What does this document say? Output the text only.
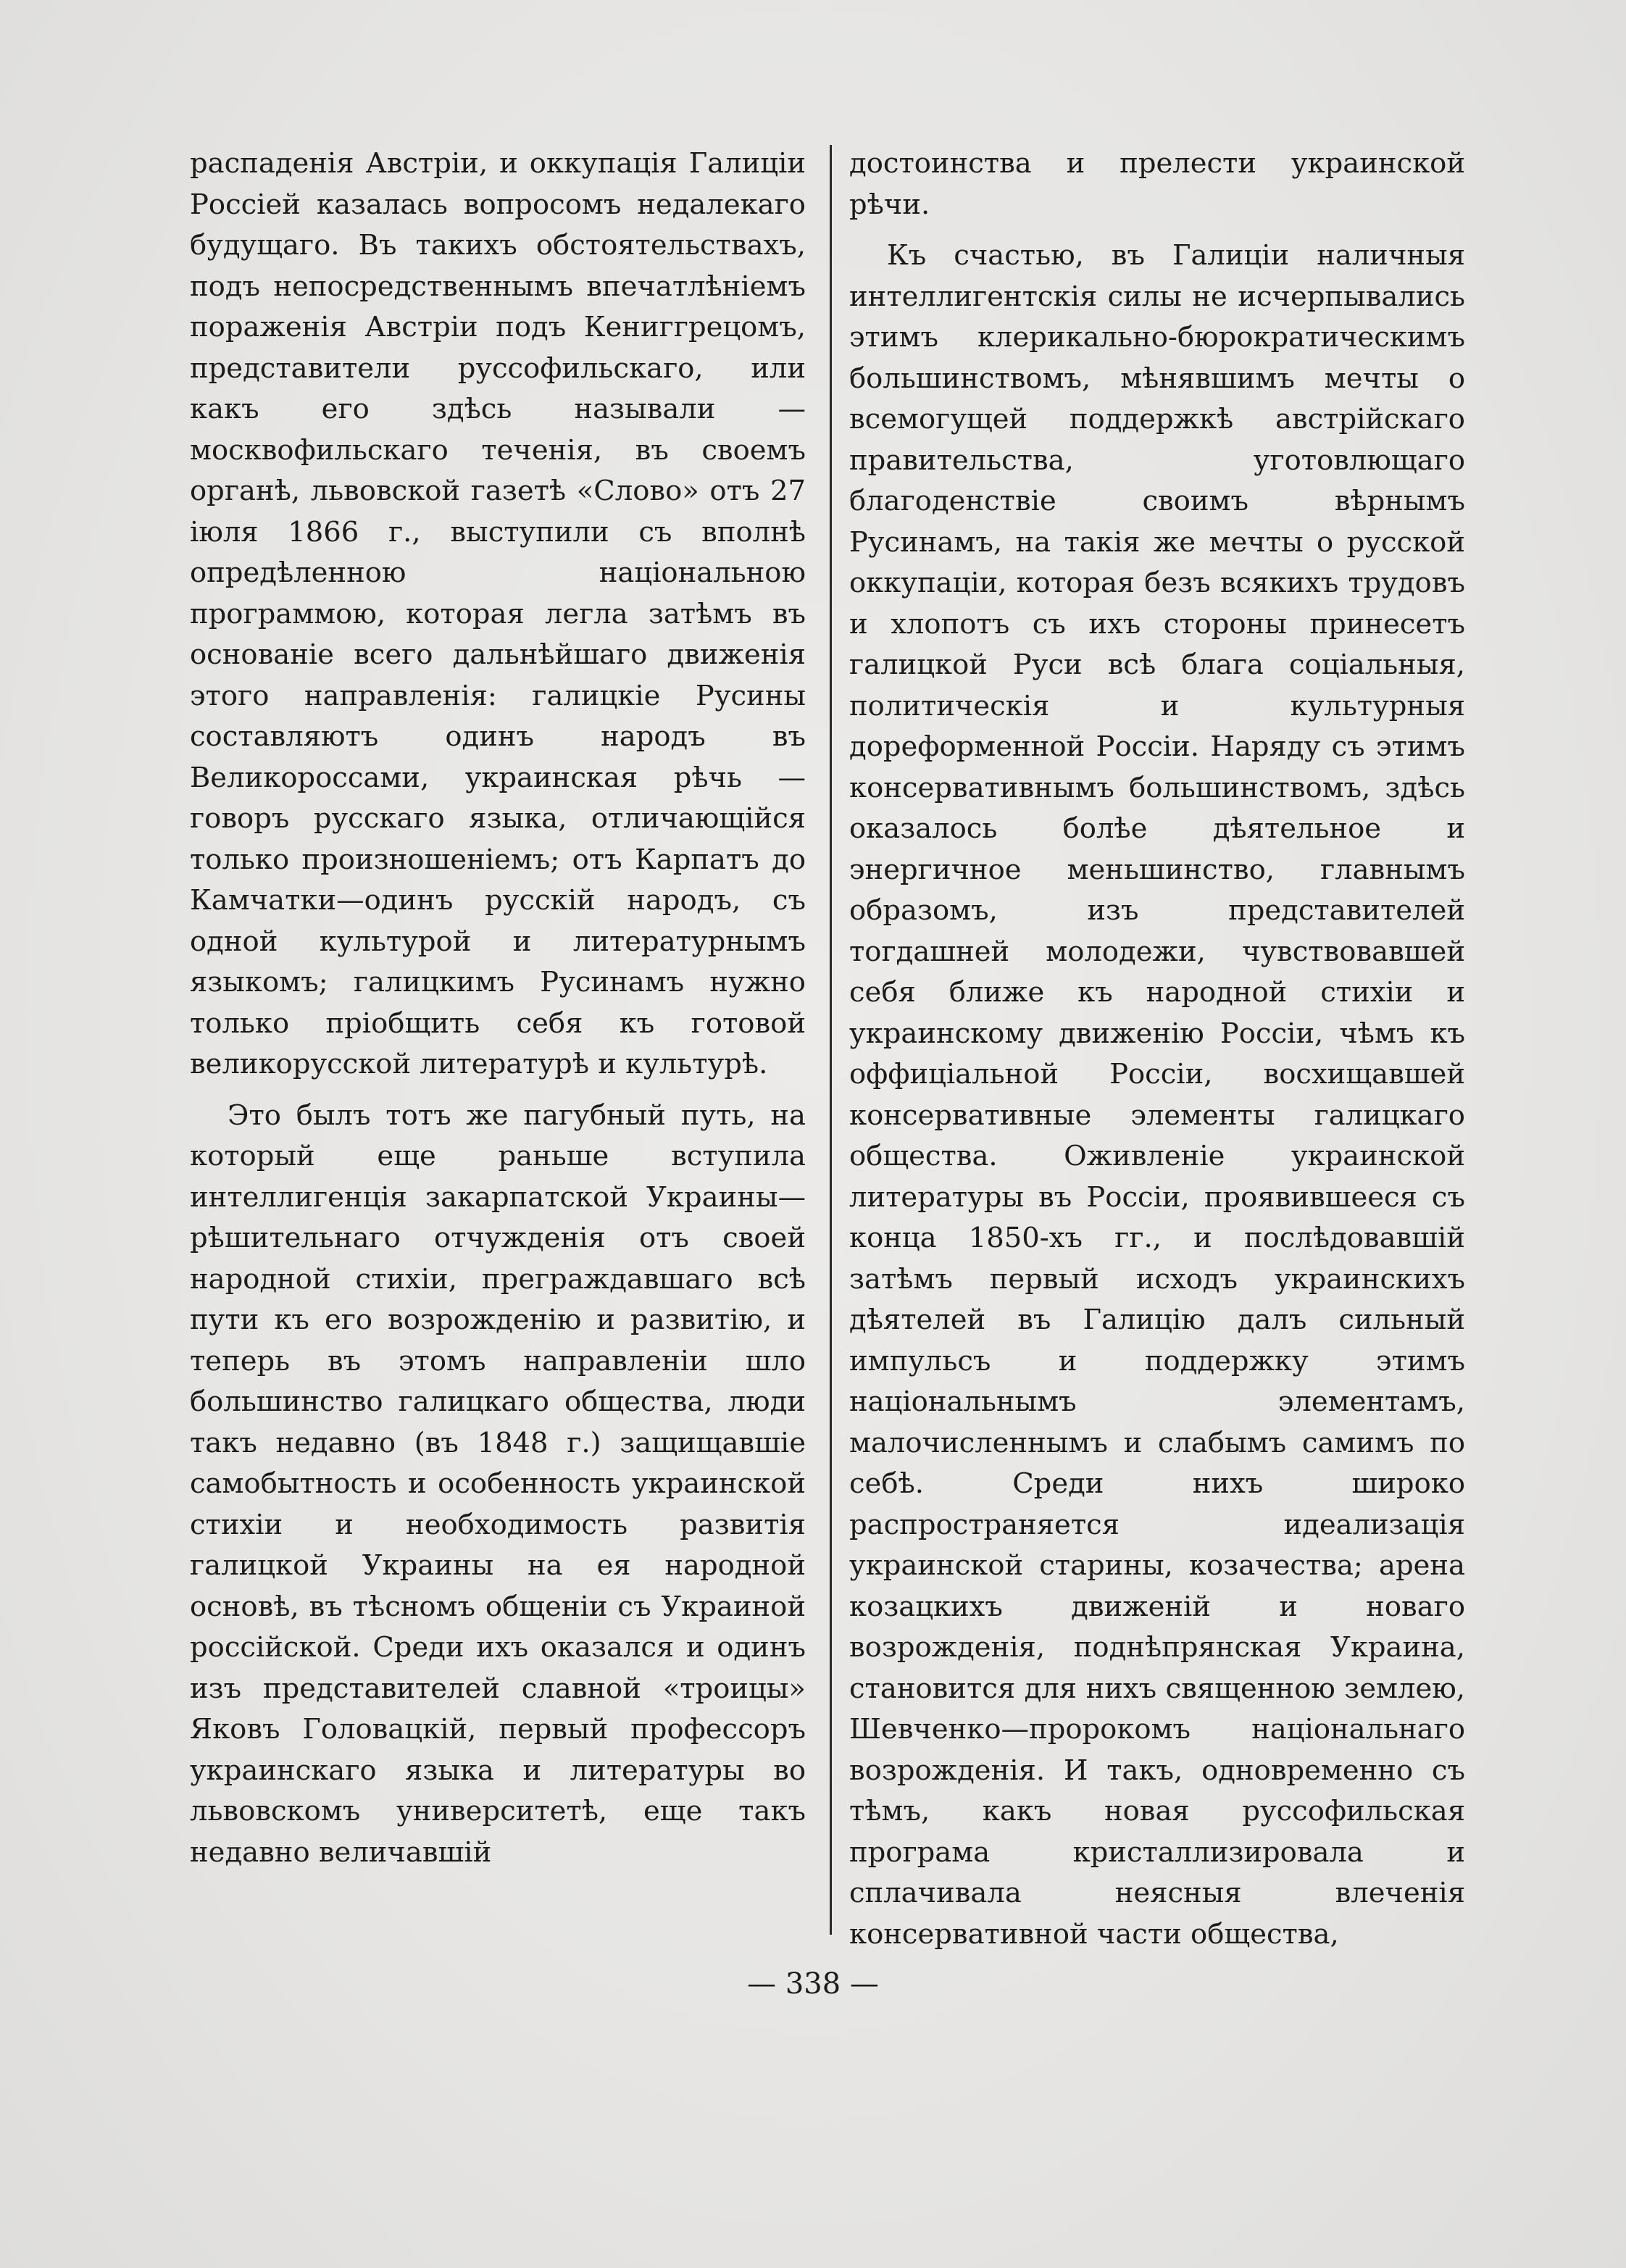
распаденія Австріи, и оккупація Галиціи Россіей казалась вопросомъ недалекаго будущаго. Въ такихъ обстоятельствахъ, подъ непосредственнымъ впечатлѣніемъ пораженія Австріи подъ Кениггрецомъ, представители руссофильскаго, или какъ его здѣсь называли — москвофильскаго теченія, въ своемъ органѣ, львовской газетѣ «Слово» отъ 27 іюля 1866 г., выступили съ вполнѣ опредѣленною національною программою, которая легла затѣмъ въ основаніе всего дальнѣйшаго движенія этого направленія: галицкіе Русины составляютъ одинъ народъ въ Великороссами, украинская рѣчь — говоръ русскаго языка, отличающійся только произношеніемъ; отъ Карпатъ до Камчатки—одинъ русскій народъ, съ одной культурой и литературнымъ языкомъ; галицкимъ Русинамъ нужно только пріобщить себя къ готовой великорусской литературѣ и культурѣ.

Это былъ тотъ же пагубный путь, на который еще раньше вступила интеллигенція закарпатской Украины—рѣшительнаго отчужденія отъ своей народной стихіи, преграждавшаго всѣ пути къ его возрожденію и развитію, и теперь въ этомъ направленіи шло большинство галицкаго общества, люди такъ недавно (въ 1848 г.) защищавшіе самобытность и особенность украинской стихіи и необходимость развитія галицкой Украины на ея народной основѣ, въ тѣсномъ общеніи съ Украиной россійской. Среди ихъ оказался и одинъ изъ представителей славной «троицы» Яковъ Головацкій, первый профессоръ украинскаго языка и литературы во львовскомъ университетѣ, еще такъ недавно величавшій

достоинства и прелести украинской рѣчи.

Къ счастью, въ Галиціи наличныя интеллигентскія силы не исчерпывались этимъ клерикально-бюрократическимъ большинствомъ, мѣнявшимъ мечты о всемогущей поддержкѣ австрійскаго правительства, уготовлющаго благоденствіе своимъ вѣрнымъ Русинамъ, на такія же мечты о русской оккупаціи, которая безъ всякихъ трудовъ и хлопотъ съ ихъ стороны принесетъ галицкой Руси всѣ блага соціальныя, политическія и культурныя дореформенной Россіи. Наряду съ этимъ консервативнымъ большинствомъ, здѣсь оказалось болѣе дѣятельное и энергичное меньшинство, главнымъ образомъ, изъ представителей тогдашней молодежи, чувствовавшей себя ближе къ народной стихіи и украинскому движенію Россіи, чѣмъ къ оффиціальной Россіи, восхищавшей консервативные элементы галицкаго общества. Оживленіе украинской литературы въ Россіи, проявившееся съ конца 1850-хъ гг., и послѣдовавшій затѣмъ первый исходъ украинскихъ дѣятелей въ Галицію далъ сильный импульсъ и поддержку этимъ національнымъ элементамъ, малочисленнымъ и слабымъ самимъ по себѣ. Среди нихъ широко распространяется идеализація украинской старины, козачества; арена козацкихъ движеній и новаго возрожденія, поднѣпрянская Украина, становится для нихъ священною землею, Шевченко—пророкомъ національнаго возрожденія. И такъ, одновременно съ тѣмъ, какъ новая руссофильская програма кристаллизировала и сплачивала неясныя влеченія консервативной части общества,

— 338 —
